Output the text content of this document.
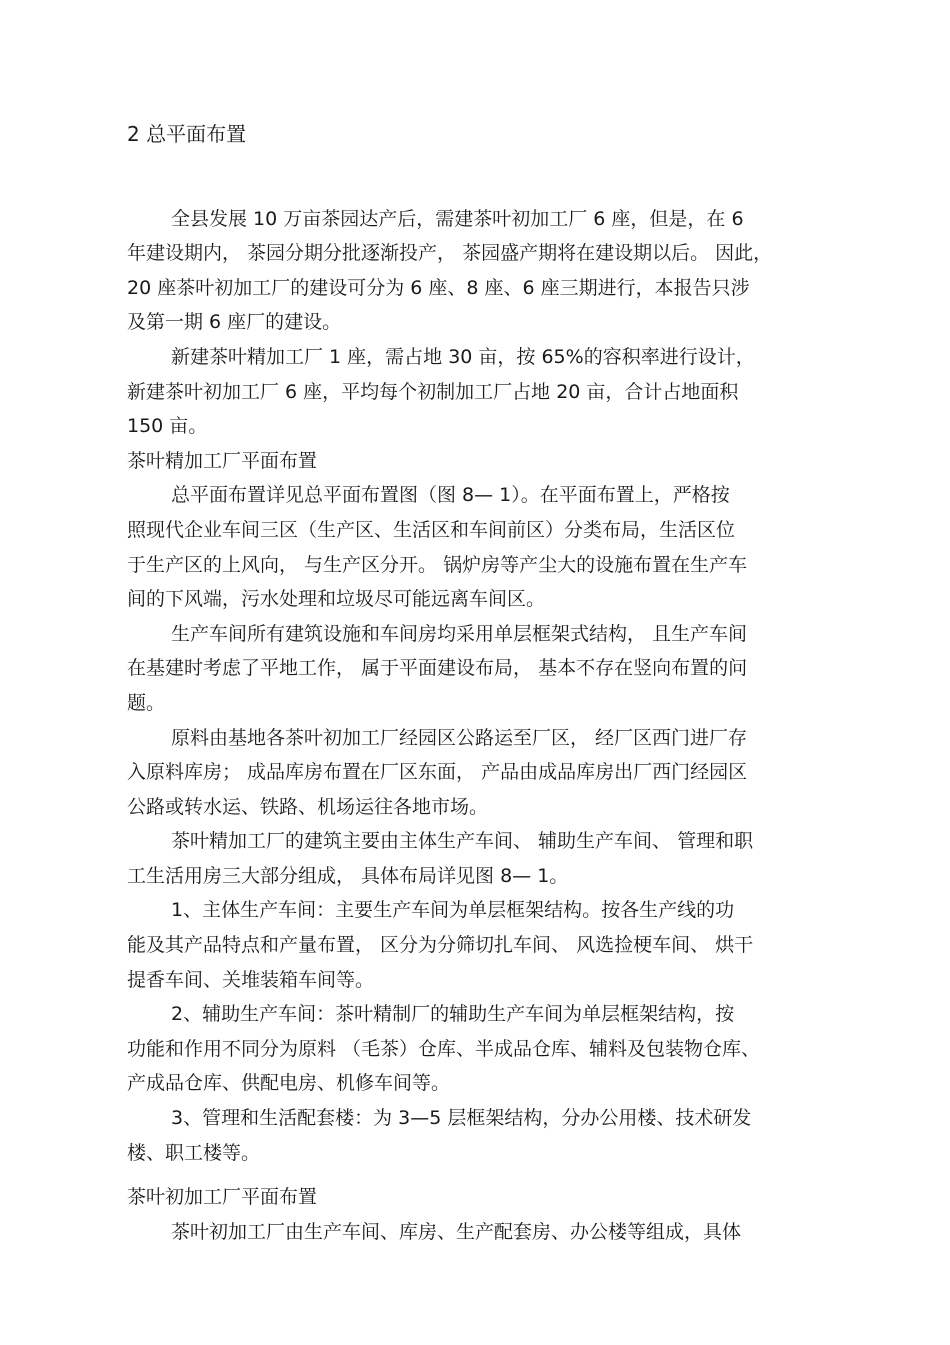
2 总平面布置
全县发展 10 万亩茶园达产后，需建茶叶初加工厂 6 座，但是，在 6
年建设期内， 茶园分期分批逐渐投产， 茶园盛产期将在建设期以后。 因此，
20 座茶叶初加工厂的建设可分为 6 座、8 座、6 座三期进行，本报告只涉
及第一期 6 座厂的建设。
新建茶叶精加工厂 1 座，需占地 30 亩，按 65%的容积率进行设计，
新建茶叶初加工厂 6 座，平均每个初制加工厂占地 20 亩，合计占地面积
150 亩。
茶叶精加工厂平面布置
总平面布置详见总平面布置图（图 8— 1）。在平面布置上，严格按
照现代企业车间三区（生产区、生活区和车间前区）分类布局，生活区位
于生产区的上风向， 与生产区分开。 锅炉房等产尘大的设施布置在生产车
间的下风端，污水处理和垃圾尽可能远离车间区。
生产车间所有建筑设施和车间房均采用单层框架式结构， 且生产车间
在基建时考虑了平地工作， 属于平面建设布局， 基本不存在竖向布置的问
题。
原料由基地各茶叶初加工厂经园区公路运至厂区， 经厂区西门进厂存
入原料库房； 成品库房布置在厂区东面， 产品由成品库房出厂西门经园区
公路或转水运、铁路、机场运往各地市场。
茶叶精加工厂的建筑主要由主体生产车间、 辅助生产车间、 管理和职
工生活用房三大部分组成， 具体布局详见图 8— 1。
1、主体生产车间：主要生产车间为单层框架结构。按各生产线的功
能及其产品特点和产量布置， 区分为分筛切扎车间、 风选捡梗车间、 烘干
提香车间、关堆装箱车间等。
2、辅助生产车间：茶叶精制厂的辅助生产车间为单层框架结构，按
功能和作用不同分为原料 （毛茶）仓库、半成品仓库、辅料及包装物仓库、
产成品仓库、供配电房、机修车间等。
3、管理和生活配套楼：为 3—5 层框架结构，分办公用楼、技术研发
楼、职工楼等。
茶叶初加工厂平面布置
茶叶初加工厂由生产车间、库房、生产配套房、办公楼等组成，具体
